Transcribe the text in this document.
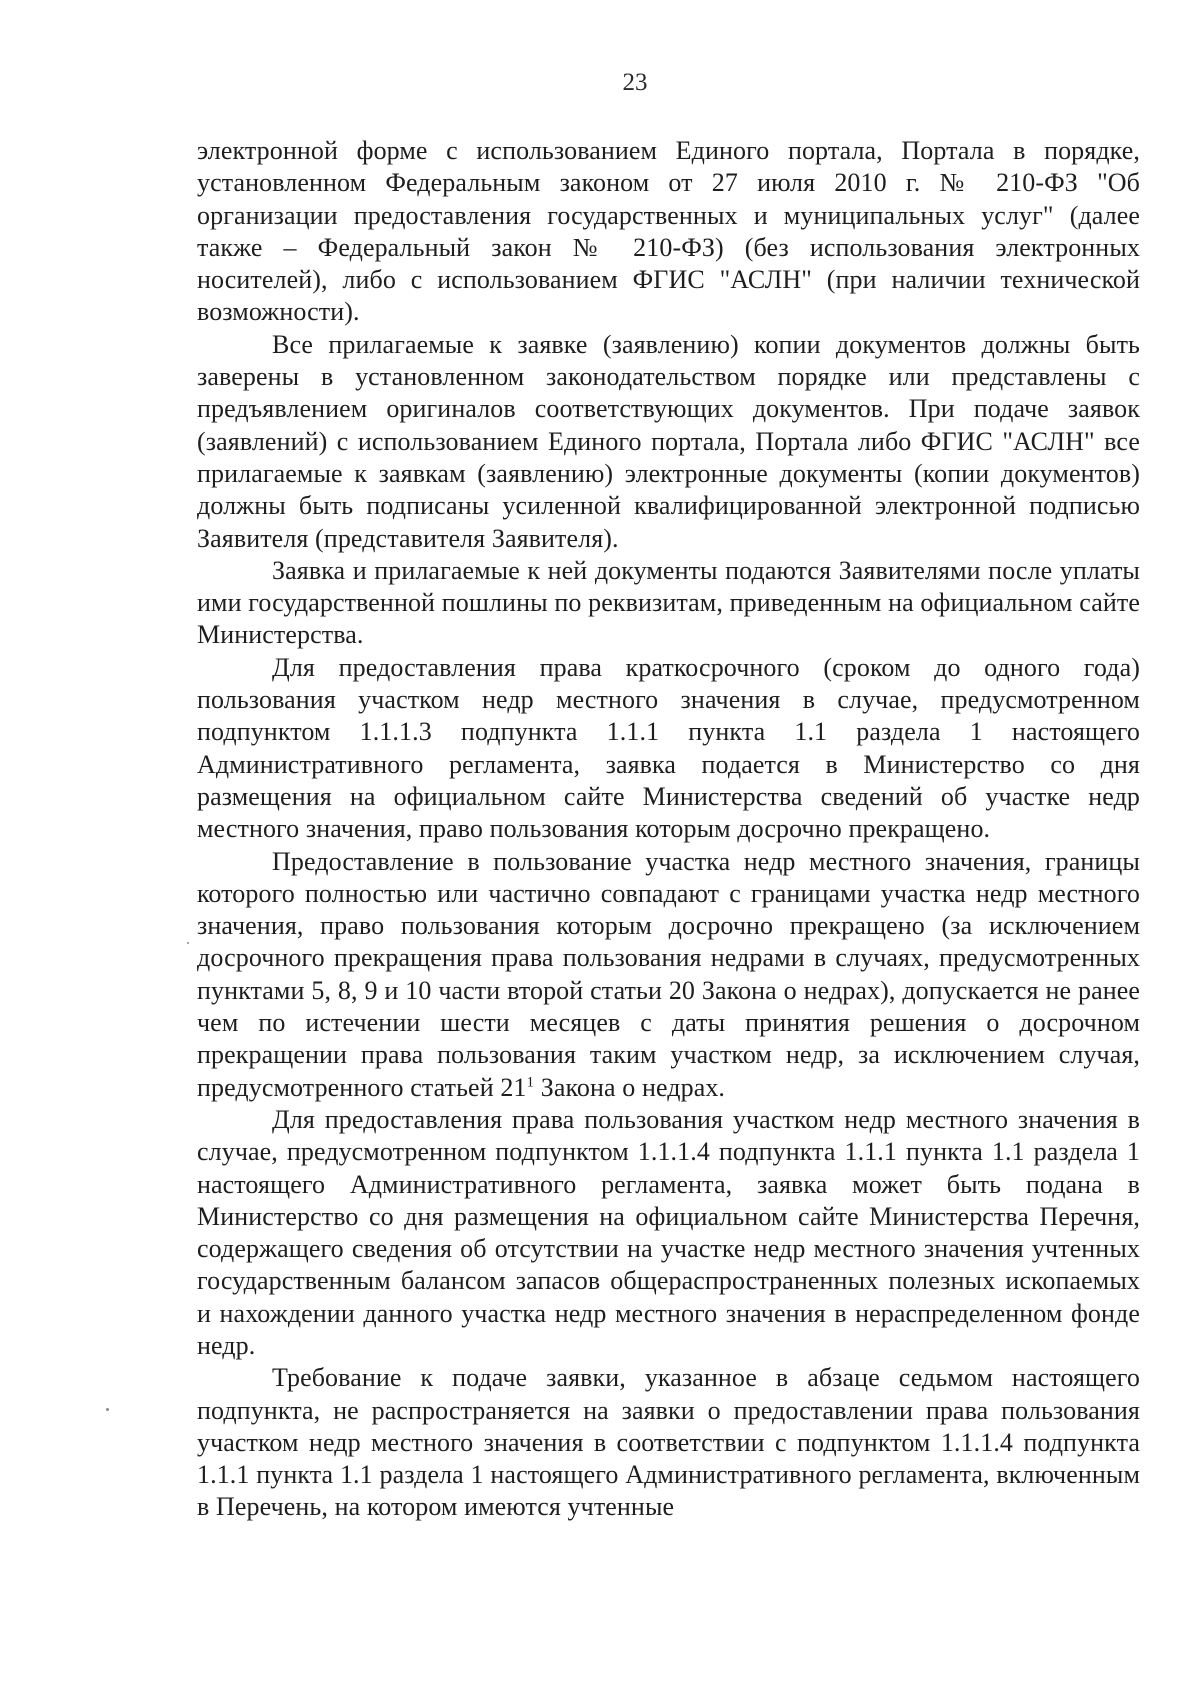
23

электронной форме с использованием Единого портала, Портала в порядке, установленном Федеральным законом от 27 июля 2010 г. № 210-ФЗ "Об организации предоставления государственных и муниципальных услуг" (далее также – Федеральный закон № 210-ФЗ) (без использования электронных носителей), либо с использованием ФГИС "АСЛН" (при наличии технической возможности).

Все прилагаемые к заявке (заявлению) копии документов должны быть заверены в установленном законодательством порядке или представлены с предъявлением оригиналов соответствующих документов. При подаче заявок (заявлений) с использованием Единого портала, Портала либо ФГИС "АСЛН" все прилагаемые к заявкам (заявлению) электронные документы (копии документов) должны быть подписаны усиленной квалифицированной электронной подписью Заявителя (представителя Заявителя).

Заявка и прилагаемые к ней документы подаются Заявителями после уплаты ими государственной пошлины по реквизитам, приведенным на официальном сайте Министерства.

Для предоставления права краткосрочного (сроком до одного года) пользования участком недр местного значения в случае, предусмотренном подпунктом 1.1.1.3 подпункта 1.1.1 пункта 1.1 раздела 1 настоящего Административного регламента, заявка подается в Министерство со дня размещения на официальном сайте Министерства сведений об участке недр местного значения, право пользования которым досрочно прекращено.

Предоставление в пользование участка недр местного значения, границы которого полностью или частично совпадают с границами участка недр местного значения, право пользования которым досрочно прекращено (за исключением досрочного прекращения права пользования недрами в случаях, предусмотренных пунктами 5, 8, 9 и 10 части второй статьи 20 Закона о недрах), допускается не ранее чем по истечении шести месяцев с даты принятия решения о досрочном прекращении права пользования таким участком недр, за исключением случая, предусмотренного статьей $21^1$ Закона о недрах.

Для предоставления права пользования участком недр местного значения в случае, предусмотренном подпунктом 1.1.1.4 подпункта 1.1.1 пункта 1.1 раздела 1 настоящего Административного регламента, заявка может быть подана в Министерство со дня размещения на официальном сайте Министерства Перечня, содержащего сведения об отсутствии на участке недр местного значения учтенных государственным балансом запасов общераспространенных полезных ископаемых и нахождении данного участка недр местного значения в нераспределенном фонде недр.

Требование к подаче заявки, указанное в абзаце седьмом настоящего подпункта, не распространяется на заявки о предоставлении права пользования участком недр местного значения в соответствии с подпунктом 1.1.1.4 подпункта 1.1.1 пункта 1.1 раздела 1 настоящего Административного регламента, включенным в Перечень, на котором имеются учтенные
